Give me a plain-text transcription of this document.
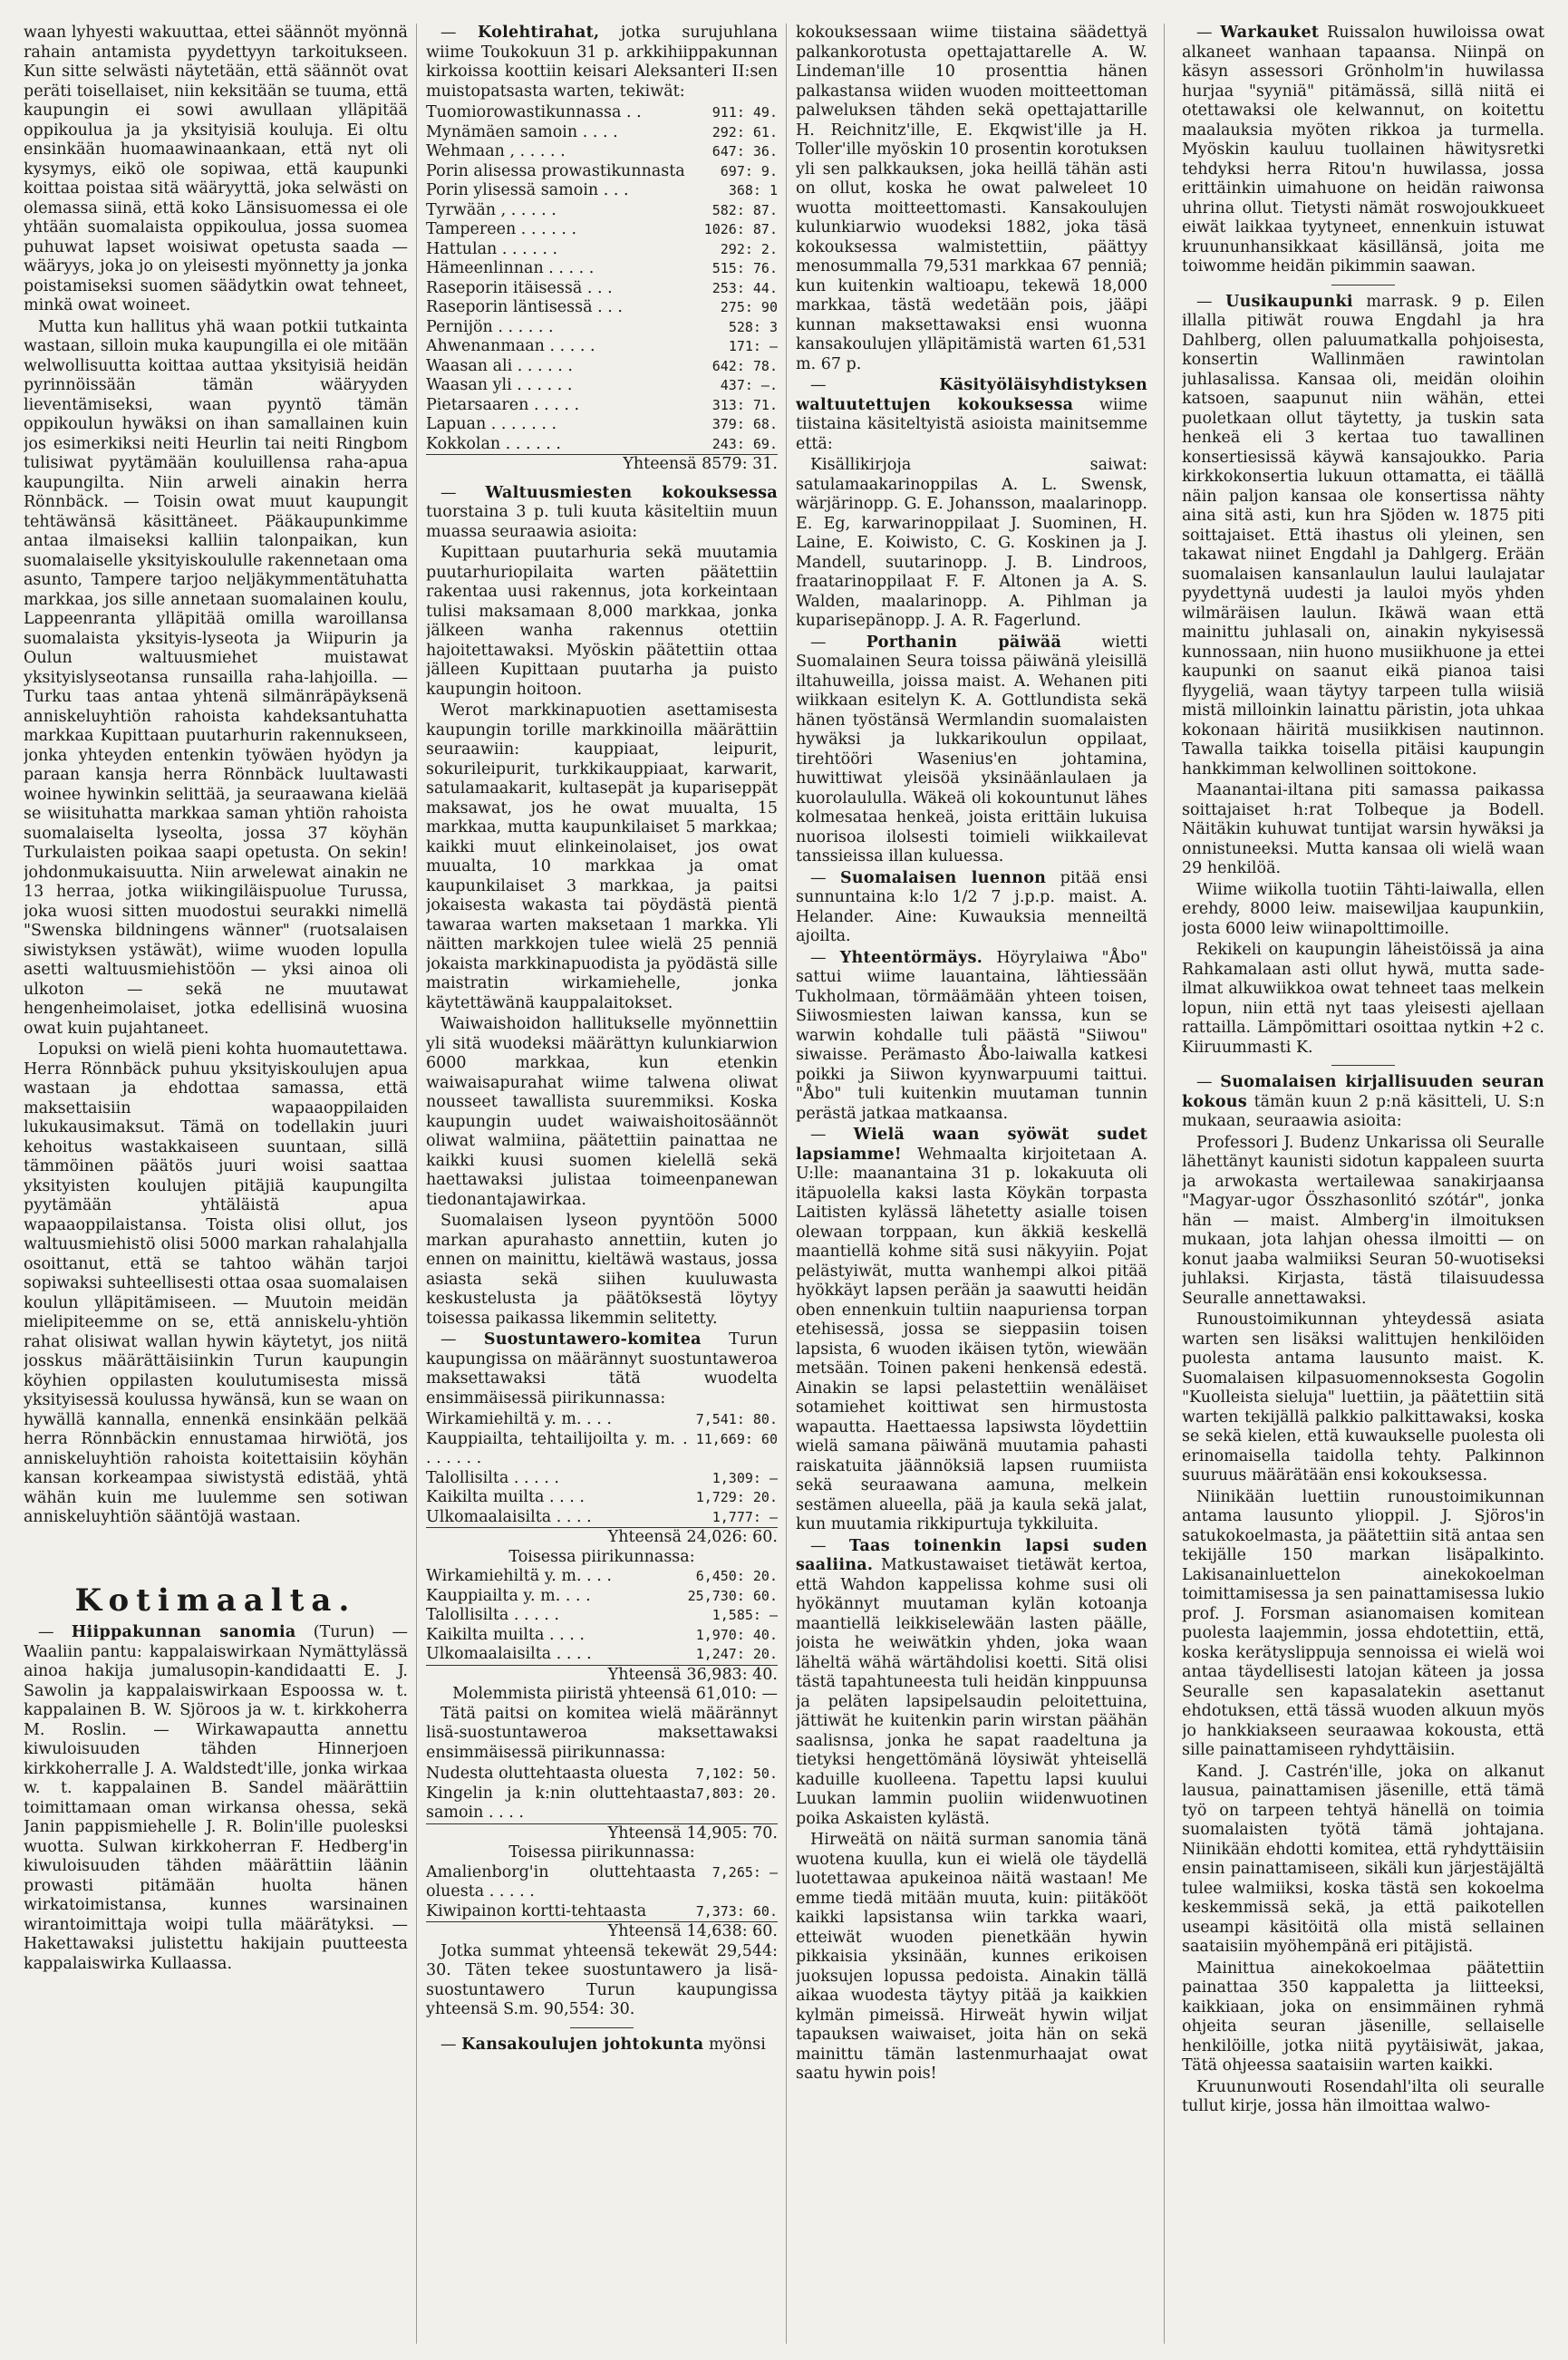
waan lyhyesti wakuuttaa, ettei säännöt myönnä rahain antamista pyydettyyn tarkoitukseen. Kun sitte selwästi näytetään, että säännöt ovat peräti toisellaiset, niin keksitään se tuuma, että kaupungin ei sowi awullaan ylläpitää oppikoulua ja ja yksityisiä kouluja. Ei oltu ensinkään huomaawinaankaan, että nyt oli kysymys, eikö ole sopiwaa, että kaupunki koittaa poistaa sitä wääryyttä, joka selwästi on olemassa siinä, että koko Länsisuomessa ei ole yhtään suomalaista oppikoulua, jossa suomea puhuwat lapset woisiwat opetusta saada — wääryys, joka jo on yleisesti myönnetty ja jonka poistamiseksi suomen säädytkin owat tehneet, minkä owat woineet.

Mutta kun hallitus yhä waan potkii tutkainta wastaan, silloin muka kaupungilla ei ole mitään welwollisuutta koittaa auttaa yksityisiä heidän pyrinnöissään tämän wääryyden lieventämiseksi, waan pyyntö tämän oppikoulun hywäksi on ihan samallainen kuin jos esimerkiksi neiti Heurlin tai neiti Ringbom tulisiwat pyytämään kouluillensa raha-apua kaupungilta. Niin arweli ainakin herra Rönnbäck. — Toisin owat muut kaupungit tehtäwänsä käsittäneet. Pääkaupunkimme antaa ilmaiseksi kalliin talonpaikan, kun suomalaiselle yksityiskoululle rakennetaan oma asunto, Tampere tarjoo neljäkymmentätuhatta markkaa, jos sille annetaan suomalainen koulu, Lappeenranta ylläpitää omilla waroillansa suomalaista yksityis-lyseota ja Wiipurin ja Oulun waltuusmiehet muistawat yksityislyseotansa runsailla raha-lahjoilla. — Turku taas antaa yhtenä silmänräpäyksenä anniskeluyhtiön rahoista kahdeksantuhatta markkaa Kupittaan puutarhurin rakennukseen, jonka yhteyden entenkin työwäen hyödyn ja paraan kansja herra Rönnbäck luultawasti woinee hywinkin selittää, ja seuraawana kielää se wiisituhatta markkaa saman yhtiön rahoista suomalaiselta lyseolta, jossa 37 köyhän Turkulaisten poikaa saapi opetusta. On sekin! johdonmukaisuutta. Niin arwelewat ainakin ne 13 herraa, jotka wiikingiläispuolue Turussa, joka wuosi sitten muodostui seurakki nimellä "Swenska bildningens wänner" (ruotsalaisen siwistyksen ystäwät), wiime wuoden lopulla asetti waltuusmiehistöön — yksi ainoa oli ulkoton — sekä ne muutawat hengenheimolaiset, jotka edellisinä wuosina owat kuin pujahtaneet.

Lopuksi on wielä pieni kohta huomautettawa. Herra Rönnbäck puhuu yksityiskoulujen apua wastaan ja ehdottaa samassa, että maksettaisiin wapaaoppilaiden lukukausimaksut. Tämä on todellakin juuri kehoitus wastakkaiseen suuntaan, sillä tämmöinen päätös juuri woisi saattaa yksityisten koulujen pitäjiä kaupungilta pyytämään yhtäläistä apua wapaaoppilaistansa. Toista olisi ollut, jos waltuusmiehistö olisi 5000 markan rahalahjalla osoittanut, että se tahtoo wähän tarjoi sopiwaksi suhteellisesti ottaa osaa suomalaisen koulun ylläpitämiseen. — Muutoin meidän mielipiteemme on se, että anniskelu-yhtiön rahat olisiwat wallan hywin käytetyt, jos niitä josskus määrättäisiinkin Turun kaupungin köyhien oppilasten koulutumisesta missä yksityisessä koulussa hywänsä, kun se waan on hywällä kannalla, ennenkä ensinkään pelkää herra Rönnbäckin ennustamaa hirwiötä, jos anniskeluyhtiön rahoista koitettaisiin köyhän kansan korkeampaa siwistystä edistää, yhtä wähän kuin me luulemme sen sotiwan anniskeluyhtiön sääntöjä wastaan.

Kotimaalta.

— Hiippakunnan sanomia (Turun) — Waaliin pantu: kappalaiswirkaan Nymättylässä ainoa hakija jumalusopin-kandidaatti E. J. Sawolin ja kappalaiswirkaan Espoossa w. t. kappalainen B. W. Sjöroos ja w. t. kirkkoherra M. Roslin. — Wirkawapautta annettu kiwuloisuuden tähden Hinnerjoen kirkkoherralle J. A. Waldstedt'ille, jonka wirkaa w. t. kappalainen B. Sandel määrättiin toimittamaan oman wirkansa ohessa, sekä Janin pappismiehelle J. R. Bolin'ille puolesksi wuotta. Sulwan kirkkoherran F. Hedberg'in kiwuloisuuden tähden määrättiin läänin prowasti pitämään huolta hänen wirkatoimistansa, kunnes warsinainen wirantoimittaja woipi tulla määrätyksi. — Hakettawaksi julistettu hakijain puutteesta kappalaiswirka Kullaassa.

— Kolehtirahat, jotka surujuhlana wiime Toukokuun 31 p. arkkihiippakunnan kirkoissa koottiin keisari Aleksanteri II:sen muistopatsasta warten, tekiwät:

Tuomiorowastikunnassa . .	911: 49.
Mynämäen samoin . . . .	292: 61.
Wehmaan , . . . . .	647: 36.
Porin alisessa prowastikunnasta	697: 9.
Porin ylisessä samoin . . .	368: 1
Tyrwään , . . . . .	582: 87.
Tampereen . . . . . .	1026: 87.
Hattulan . . . . . .	292: 2.
Hämeenlinnan . . . . .	515: 76.
Raseporin itäisessä . . .	253: 44.
Raseporin läntisessä . . .	275: 90
Pernijön . . . . . .	528: 3
Ahwenanmaan . . . . .	171: —
Waasan ali . . . . . .	642: 78.
Waasan yli . . . . . .	437: —.
Pietarsaaren . . . . .	313: 71.
Lapuan . . . . . . .	379: 68.
Kokkolan . . . . . .	243: 69.
Yhteensä 8579: 31.	

— Waltuusmiesten kokouksessa tuorstaina 3 p. tuli kuuta käsiteltiin muun muassa seuraawia asioita:

Kupittaan puutarhuria sekä muutamia puutarhuriopilaita warten päätettiin rakentaa uusi rakennus, jota korkeintaan tulisi maksamaan 8,000 markkaa, jonka jälkeen wanha rakennus otettiin hajoitettawaksi. Myöskin päätettiin ottaa jälleen Kupittaan puutarha ja puisto kaupungin hoitoon.

Werot markkinapuotien asettamisesta kaupungin torille markkinoilla määrättiin seuraawiin: kauppiaat, leipurit, sokurileipurit, turkkikauppiaat, karwarit, satulamaakarit, kultasepät ja kupariseppät maksawat, jos he owat muualta, 15 markkaa, mutta kaupunkilaiset 5 markkaa; kaikki muut elinkeinolaiset, jos owat muualta, 10 markkaa ja omat kaupunkilaiset 3 markkaa, ja paitsi jokaisesta wakasta tai pöydästä pientä tawaraa warten maksetaan 1 markka. Yli näitten markkojen tulee wielä 25 penniä jokaista markkinapuodista ja pyödästä sille maistratin wirkamiehelle, jonka käytettäwänä kauppalaitokset.

Waiwaishoidon hallitukselle myönnettiin yli sitä wuodeksi määrättyn kulunkiarwion 6000 markkaa, kun etenkin waiwaisapurahat wiime talwena oliwat nousseet tawallista suuremmiksi. Koska kaupungin uudet waiwaishoitosäännöt oliwat walmiina, päätettiin painattaa ne kaikki kuusi suomen kielellä sekä haettawaksi julistaa toimeenpanewan tiedonantajawirkaa.

Suomalaisen lyseon pyyntöön 5000 markan apurahasto annettiin, kuten jo ennen on mainittu, kieltäwä wastaus, jossa asiasta sekä siihen kuuluwasta keskustelusta ja päätöksestä löytyy toisessa paikassa likemmin selitetty.

— Suostuntawero-komitea Turun kaupungissa on määrännyt suostuntaweroa maksettawaksi tätä wuodelta ensimmäisessä piirikunnassa:

Wirkamiehiltä y. m. . . .	7,541: 80.
Kauppiailta, tehtailijoilta y. m. . . . . . . .	11,669: 60
Talollisilta . . . . .	1,309: —
Kaikilta muilta . . . .	1,729: 20.
Ulkomaalaisilta . . . .	1,777: —
Yhteensä 24,026: 60.	
Toisessa piirikunnassa:	
Wirkamiehiltä y. m. . . .	6,450: 20.
Kauppiailta y. m. . . .	25,730: 60.
Talollisilta . . . . .	1,585: —
Kaikilta muilta . . . .	1,970: 40.
Ulkomaalaisilta . . . .	1,247: 20.
Yhteensä 36,983: 40.	
Molemmista piiristä yhteensä 61,010: —	

Tätä paitsi on komitea wielä määrännyt lisä-suostuntaweroa maksettawaksi ensimmäisessä piirikunnassa:

Nudesta oluttehtaasta oluesta	7,102: 50.
Kingelin ja k:nin oluttehtaasta samoin . . . .	7,803: 20.
Yhteensä 14,905: 70.	
Toisessa piirikunnassa:	
Amalienborg'in oluttehtaasta oluesta . . . . .	7,265: —
Kiwipainon kortti-tehtaasta	7,373: 60.
Yhteensä 14,638: 60.	

Jotka summat yhteensä tekewät 29,544: 30. Täten tekee suostuntawero ja lisä-suostuntawero Turun kaupungissa yhteensä S.m. 90,554: 30.

— Kansakoulujen johtokunta myönsi

kokouksessaan wiime tiistaina säädettyä palkankorotusta opettajattarelle A. W. Lindeman'ille 10 prosenttia hänen palkastansa wiiden wuoden moitteettoman palweluksen tähden sekä opettajattarille H. Reichnitz'ille, E. Ekqwist'ille ja H. Toller'ille myöskin 10 prosentin korotuksen yli sen palkkauksen, joka heillä tähän asti on ollut, koska he owat palweleet 10 wuotta moitteettomasti. Kansakoulujen kulunkiarwio wuodeksi 1882, joka täsä kokouksessa walmistettiin, päättyy menosummalla 79,531 markkaa 67 penniä; kun kuitenkin waltioapu, tekewä 18,000 markkaa, tästä wedetään pois, jääpi kunnan maksettawaksi ensi wuonna kansakoulujen ylläpitämistä warten 61,531 m. 67 p.

— Käsityöläisyhdistyksen waltuutettujen kokouksessa wiime tiistaina käsiteltyistä asioista mainitsemme että:

Kisällikirjoja saiwat: satulamaakarinoppilas A. L. Swensk, wärjärinopp. G. E. Johansson, maalarinopp. E. Eg, karwarinoppilaat J. Suominen, H. Laine, E. Koiwisto, C. G. Koskinen ja J. Mandell, suutarinopp. J. B. Lindroos, fraatarinoppilaat F. F. Altonen ja A. S. Walden, maalarinopp. A. Pihlman ja kuparisepänopp. J. A. R. Fagerlund.

— Porthanin päiwää	wietti Suomalainen Seura toissa päiwänä yleisillä iltahuweilla, joissa maist. A. Wehanen piti wiikkaan esitelyn K. A. Gottlundista sekä hänen työstänsä Wermlandin suomalaisten hywäksi ja lukkarikoulun oppilaat, tirehtööri Wasenius'en johtamina, huwittiwat yleisöä yksinäänlaulaen ja kuorolaululla. Wäkeä oli kokountunut lähes kolmesataa henkeä, joista erittäin lukuisa nuorisoa ilolsesti toimieli wiikkailevat tanssieissa illan kuluessa.

— Suomalaisen luennon pitää ensi sunnuntaina k:lo 1/2 7 j.p.p. maist. A. Helander. Aine: Kuwauksia menneiltä ajoilta.

— Yhteentörmäys. Höyrylaiwa "Åbo" sattui wiime lauantaina, lähtiessään Tukholmaan, törmäämään yhteen toisen, Siiwosmiesten laiwan kanssa, kun se warwin kohdalle tuli päästä "Siiwou" siwaisse. Perämasto Åbo-laiwalla katkesi poikki ja Siiwon kyynwarpuumi taittui. "Åbo" tuli kuitenkin muutaman tunnin perästä jatkaa matkaansa.

— Wielä waan syöwät sudet lapsiamme! Wehmaalta kirjoitetaan A. U:lle: maanantaina 31 p. lokakuuta oli itäpuolella kaksi lasta Köykän torpasta Laitisten kylässä lähetetty asialle toisen olewaan torppaan, kun äkkiä keskellä maantiellä kohme sitä susi näkyyiin. Pojat pelästyiwät, mutta wanhempi alkoi pitää hyökkäyt lapsen perään ja saawutti heidän oben ennenkuin tultiin naapuriensa torpan etehisessä, jossa se sieppasiin toisen lapsista, 6 wuoden ikäisen tytön, wiewään metsään. Toinen pakeni henkensä edestä. Ainakin se lapsi pelastettiin wenäläiset sotamiehet koittiwat sen hirmustosta wapautta. Haettaessa lapsiwsta löydettiin wielä samana päiwänä muutamia pahasti raiskatuita jäännöksiä lapsen ruumiista sekä seuraawana aamuna, melkein sestämen alueella, pää ja kaula sekä jalat, kun muutamia rikkipurtuja tykkiluita.

— Taas toinenkin lapsi suden saaliina. Matkustawaiset tietäwät kertoa, että Wahdon kappelissa kohme susi oli hyökännyt muutaman kylän kotoanja maantiellä leikkiselewään lasten päälle, joista he weiwätkin yhden, joka waan läheltä wähä wärtähdolisi koetti. Sitä olisi tästä tapahtuneesta tuli heidän kinppuunsa ja peläten lapsipelsaudin peloitettuina, jättiwät he kuitenkin parin wirstan päähän saalisnsa, jonka he sapat raadeltuna ja tietyksi hengettömänä löysiwät yhteisellä kaduille kuolleena. Tapettu lapsi kuului Luukan lammin puoliin wiidenwuotinen poika Askaisten kylästä.

Hirweätä on näitä surman sanomia tänä wuotena kuulla, kun ei wielä ole täydellä luotettawaa apukeinoa näitä wastaan! Me emme tiedä mitään muuta, kuin: piitäkööt kaikki lapsistansa wiin tarkka waari, etteiwät wuoden pienetkään hywin pikkaisia yksinään, kunnes erikoisen juoksujen lopussa pedoista. Ainakin tällä aikaa wuodesta täytyy pitää ja kaikkien kylmän pimeissä. Hirweät hywin wiljat tapauksen waiwaiset, joita hän on sekä mainittu tämän lastenmurhaajat owat saatu hywin pois!

— Warkauket Ruissalon huwiloissa owat alkaneet wanhaan tapaansa. Niinpä on käsyn assessori Grönholm'in huwilassa hurjaa "syyniä" pitämässä, sillä niitä ei otettawaksi ole kelwannut, on koitettu maalauksia myöten rikkoa ja turmella. Myöskin kauluu tuollainen häwitysretki tehdyksi herra Ritou'n huwilassa, jossa erittäinkin uimahuone on heidän raiwonsa uhrina ollut. Tietysti nämät roswojoukkueet eiwät laikkaa tyytyneet, ennenkuin istuwat kruununhansikkaat käsillänsä, joita me toiwomme heidän pikimmin saawan.

— Uusikaupunki marrask. 9 p. Eilen illalla pitiwät rouwa Engdahl ja hra Dahlberg, ollen paluumatkalla pohjoisesta, konsertin Wallinmäen rawintolan juhlasalissa. Kansaa oli, meidän oloihin katsoen, saapunut niin wähän, ettei puoletkaan ollut täytetty, ja tuskin sata henkeä eli 3 kertaa tuo tawallinen konsertiesissä käywä kansajoukko. Paria kirkkokonsertia lukuun ottamatta, ei täällä näin paljon kansaa ole konsertissa nähty aina sitä asti, kun hra Sjöden w. 1875 piti soittajaiset. Että ihastus oli yleinen, sen takawat niinet Engdahl ja Dahlgerg. Erään suomalaisen kansanlaulun laului laulajatar pyydettynä uudesti ja lauloi myös yhden wilmäräisen laulun. Ikäwä waan että mainittu juhlasali on, ainakin nykyisessä kunnossaan, niin huono musiikhuone ja ettei kaupunki on saanut eikä pianoa taisi flyygeliä, waan täytyy tarpeen tulla wiisiä mistä milloinkin lainattu päristin, jota uhkaa kokonaan häiritä musiikkisen nautinnon. Tawalla taikka toisella pitäisi kaupungin hankkimman kelwollinen soittokone.

Maanantai-iltana piti samassa paikassa soittajaiset h:rat Tolbeque ja Bodell. Näitäkin kuhuwat tuntijat warsin hywäksi ja onnistuneeksi. Mutta kansaa oli wielä waan 29 henkilöä.

Wiime wiikolla tuotiin Tähti-laiwalla, ellen erehdy, 8000 leiw. maisewiljaa kaupunkiin, josta 6000 leiw wiinapolttimoille.

Rekikeli on kaupungin läheistöissä ja aina Rahkamalaan asti ollut hywä, mutta sade-ilmat alkuwiikkoa owat tehneet taas melkein lopun, niin että nyt taas yleisesti ajellaan rattailla. Lämpömittari osoittaa nytkin +2 c. Kiiruummasti K.

— Suomalaisen kirjallisuuden seuran kokous tämän kuun 2 p:nä käsitteli, U. S:n mukaan, seuraawia asioita:

Professori J. Budenz Unkarissa oli Seuralle lähettänyt kaunisti sidotun kappaleen suurta ja arwokasta wertailewaa sanakirjaansa "Magyar-ugor Összhasonlitó szótár", jonka hän — maist. Almberg'in ilmoituksen mukaan, jota lahjan ohessa ilmoitti — on konut jaaba walmiiksi Seuran 50-wuotiseksi juhlaksi. Kirjasta, tästä tilaisuudessa Seuralle annettawaksi.

Runoustoimikunnan yhteydessä asiata warten sen lisäksi walittujen henkilöiden puolesta antama lausunto maist. K. Suomalaisen kilpasuomennoksesta Gogolin "Kuolleista sieluja" luettiin, ja päätettiin sitä warten tekijällä palkkio palkittawaksi, koska se sekä kielen, että kuwaukselle puolesta oli erinomaisella taidolla tehty. Palkinnon suuruus määrätään ensi kokouksessa.

Niinikään luettiin runoustoimikunnan antama lausunto ylioppil. J. Sjöros'in satukokoelmasta, ja päätettiin sitä antaa sen tekijälle 150 markan lisäpalkinto. Lakisanainluettelon ainekokoelman toimittamisessa ja sen painattamisessa lukio prof. J. Forsman asianomaisen komitean puolesta laajemmin, jossa ehdotettiin, että, koska kerätyslippuja sennoissa ei wielä woi antaa täydellisesti latojan käteen ja jossa Seuralle sen kapasalatekin asettanut ehdotuksen, että tässä wuoden alkuun myös jo hankkiakseen seuraawaa kokousta, että sille painattamiseen ryhdyttäisiin.

Kand. J. Castrén'ille, joka on alkanut lausua, painattamisen jäsenille, että tämä työ on tarpeen tehtyä hänellä on toimia suomalaisten työtä tämä johtajana. Niinikään ehdotti komitea, että ryhdyttäisiin ensin painattamiseen, sikäli kun järjestäjältä tulee walmiiksi, koska tästä sen kokoelma keskemmissä sekä, ja että paikotellen useampi käsitöitä olla mistä sellainen saataisiin myöhempänä eri pitäjistä.

Mainittua ainekokoelmaa päätettiin painattaa 350 kappaletta ja liitteeksi, kaikkiaan, joka on ensimmäinen ryhmä ohjeita seuran jäsenille, sellaiselle henkilöille, jotka niitä pyytäisiwät, jakaa, Tätä ohjeessa saataisiin warten kaikki.

Kruununwouti Rosendahl'ilta oli seuralle tullut kirje, jossa hän ilmoittaa walwo-
